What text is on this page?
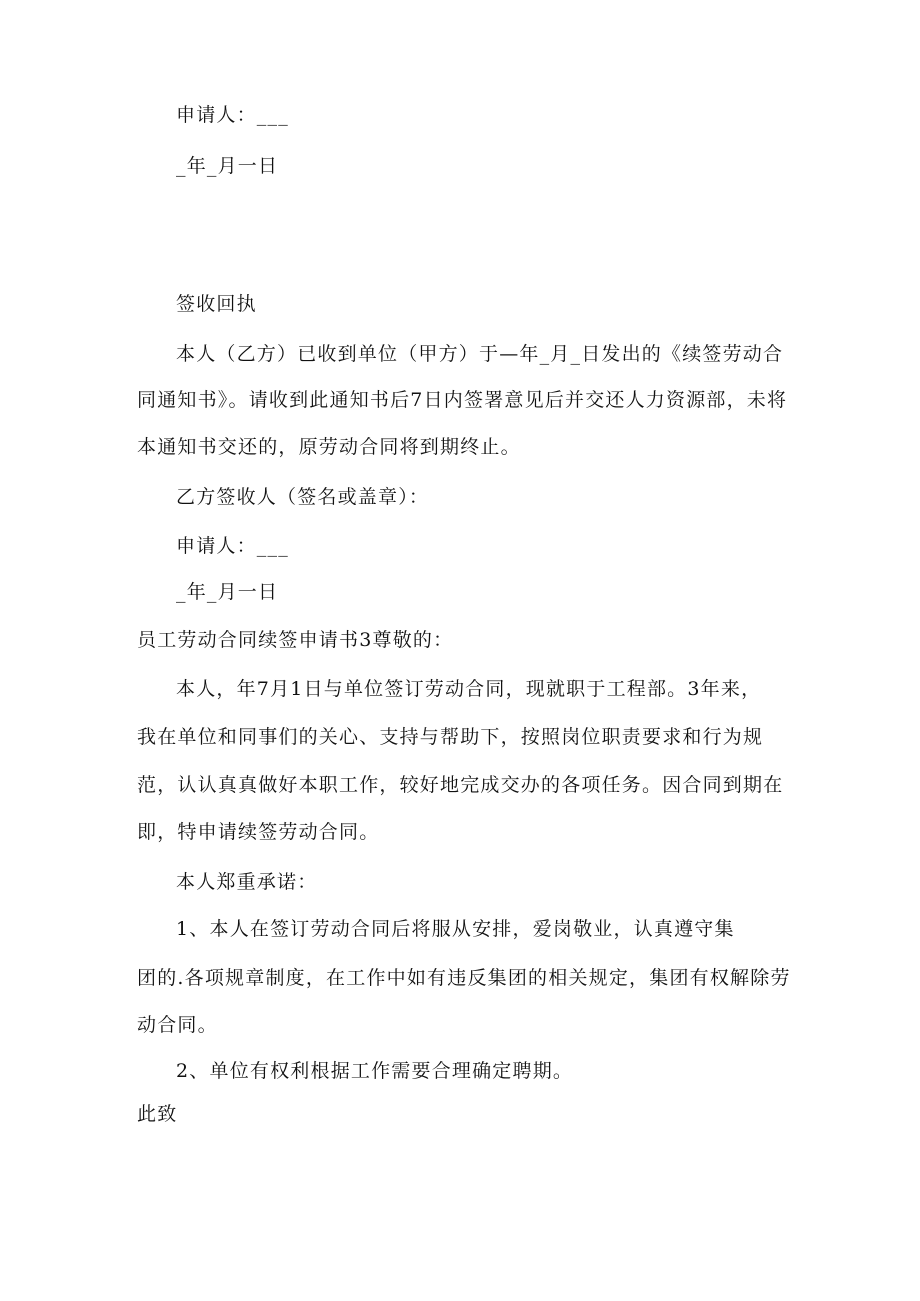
申请人：___
_年_月一日
签收回执
本人（乙方）已收到单位（甲方）于—年_月_日发出的《续签劳动合
同通知书》。请收到此通知书后7日内签署意见后并交还人力资源部，未将
本通知书交还的，原劳动合同将到期终止。
乙方签收人（签名或盖章）：
申请人：___
_年_月一日
员工劳动合同续签申请书3尊敬的：
本人，年7月1日与单位签订劳动合同，现就职于工程部。3年来，
我在单位和同事们的关心、支持与帮助下，按照岗位职责要求和行为规
范，认认真真做好本职工作，较好地完成交办的各项任务。因合同到期在
即，特申请续签劳动合同。
本人郑重承诺：
1、本人在签订劳动合同后将服从安排，爱岗敬业，认真遵守集
团的.各项规章制度，在工作中如有违反集团的相关规定，集团有权解除劳
动合同。
2、单位有权利根据工作需要合理确定聘期。
此致
